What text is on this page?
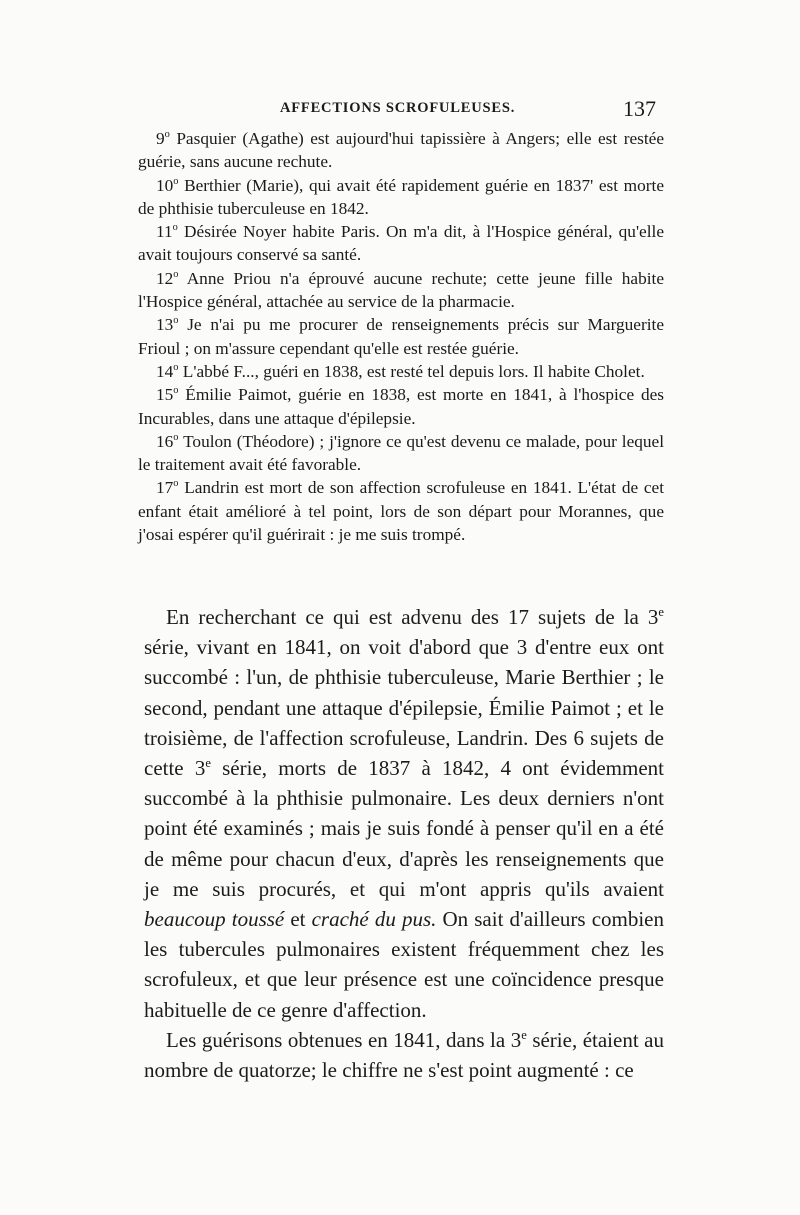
AFFECTIONS SCROFULEUSES.	137

9$^o$ Pasquier (Agathe) est aujourd'hui tapissière à Angers; elle est restée guérie, sans aucune rechute.

10$^o$ Berthier (Marie), qui avait été rapidement guérie en 1837' est morte de phthisie tuberculeuse en 1842.

11$^o$ Désirée Noyer habite Paris. On m'a dit, à l'Hospice général, qu'elle avait toujours conservé sa santé.

12$^o$ Anne Priou n'a éprouvé aucune rechute; cette jeune fille habite l'Hospice général, attachée au service de la pharmacie.

13$^o$ Je n'ai pu me procurer de renseignements précis sur Marguerite Frioul ; on m'assure cependant qu'elle est restée guérie.

14$^o$ L'abbé F..., guéri en 1838, est resté tel depuis lors. Il habite Cholet.

15$^o$ Émilie Paimot, guérie en 1838, est morte en 1841, à l'hospice des Incurables, dans une attaque d'épilepsie.

16$^o$ Toulon (Théodore) ; j'ignore ce qu'est devenu ce malade, pour lequel le traitement avait été favorable.

17$^o$ Landrin est mort de son affection scrofuleuse en 1841. L'état de cet enfant était amélioré à tel point, lors de son départ pour Morannes, que j'osai espérer qu'il guérirait : je me suis trompé.

En recherchant ce qui est advenu des 17 sujets de la 3e série, vivant en 1841, on voit d'abord que 3 d'entre eux ont succombé : l'un, de phthisie tuberculeuse, Marie Berthier ; le second, pendant une attaque d'épilepsie, Émilie Paimot ; et le troisième, de l'affection scrofuleuse, Landrin. Des 6 sujets de cette 3e série, morts de 1837 à 1842, 4 ont évidemment succombé à la phthisie pulmonaire. Les deux derniers n'ont point été examinés ; mais je suis fondé à penser qu'il en a été de même pour chacun d'eux, d'après les renseignements que je me suis procurés, et qui m'ont appris qu'ils avaient beaucoup toussé et craché du pus. On sait d'ailleurs combien les tubercules pulmonaires existent fréquemment chez les scrofuleux, et que leur présence est une coïncidence presque habituelle de ce genre d'affection.

Les guérisons obtenues en 1841, dans la 3e série, étaient au nombre de quatorze; le chiffre ne s'est point augmenté : ce
